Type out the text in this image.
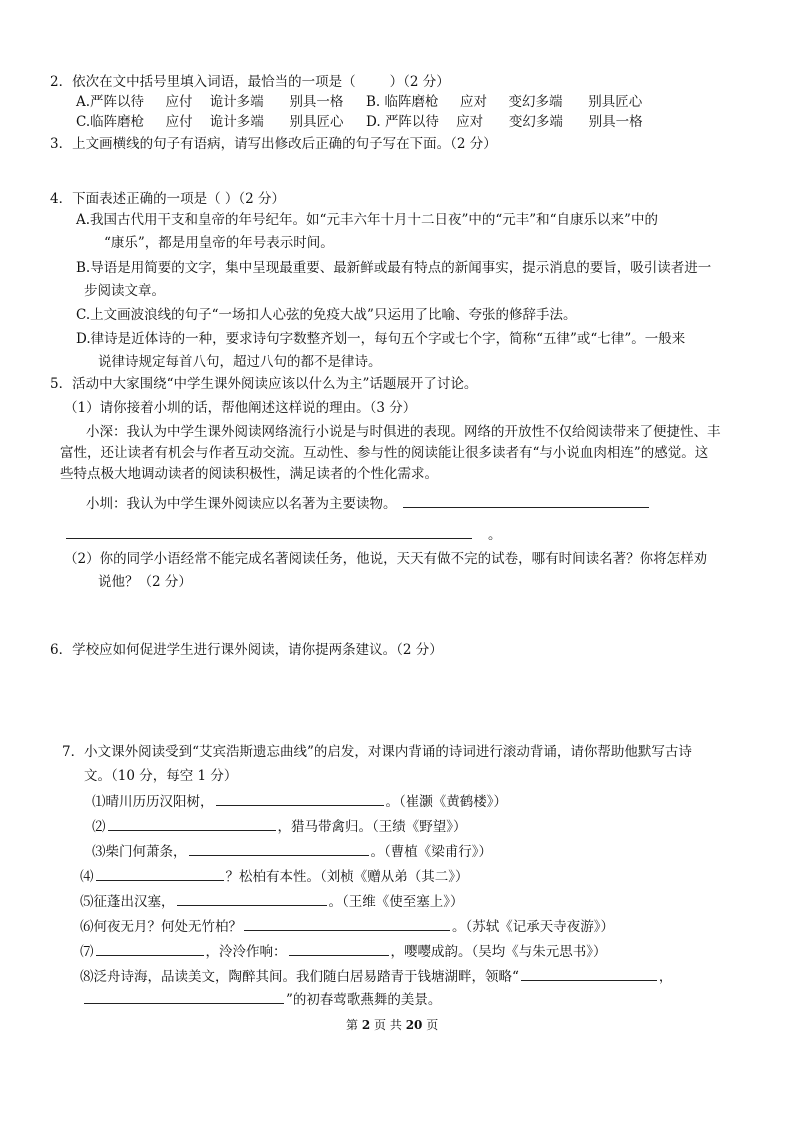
2．依次在文中括号里填入词语，最恰当的一项是（	）（2 分）
A.严阵以待 应付 诡计多端 别具一格 B. 临阵磨枪 应对 变幻多端 别具匠心
C.临阵磨枪 应付 诡计多端 别具匠心 D. 严阵以待 应对 变幻多端 别具一格
3．上文画横线的句子有语病，请写出修改后正确的句子写在下面。（2 分）
4．下面表述正确的一项是（ ）（2 分）
A.我国古代用干支和皇帝的年号纪年。如“元丰六年十月十二日夜”中的“元丰”和“自康乐以来”中的
“康乐”，都是用皇帝的年号表示时间。
B.导语是用简要的文字，集中呈现最重要、最新鲜或最有特点的新闻事实，提示消息的要旨，吸引读者进一
步阅读文章。
C.上文画波浪线的句子“一场扣人心弦的免疫大战”只运用了比喻、夸张的修辞手法。
D.律诗是近体诗的一种，要求诗句字数整齐划一，每句五个字或七个字，简称“五律”或“七律”。一般来
说律诗规定每首八句，超过八句的都不是律诗。
5．活动中大家围绕“中学生课外阅读应该以什么为主”话题展开了讨论。
（1）请你接着小圳的话，帮他阐述这样说的理由。（3 分）
小深：我认为中学生课外阅读网络流行小说是与时俱进的表现。网络的开放性不仅给阅读带来了便捷性、丰
富性，还让读者有机会与作者互动交流。互动性、参与性的阅读能让很多读者有“与小说血肉相连”的感觉。这
些特点极大地调动读者的阅读积极性，满足读者的个性化需求。
小圳：我认为中学生课外阅读应以名著为主要读物。
。
（2）你的同学小语经常不能完成名著阅读任务，他说，天天有做不完的试卷，哪有时间读名著？你将怎样劝
说他？（2 分）
6．学校应如何促进学生进行课外阅读，请你提两条建议。（2 分）
7．小文课外阅读受到“艾宾浩斯遗忘曲线”的启发，对课内背诵的诗词进行滚动背诵，请你帮助他默写古诗
文。（10 分，每空 1 分）
⑴晴川历历汉阳树，	。（崔灏《黄鹤楼》）
⑵	，猎马带禽归。（王绩《野望》）
⑶柴门何萧条，	。（曹植《梁甫行》）
⑷	？松柏有本性。（刘桢《赠从弟（其二》）
⑸征蓬出汉塞，	。（王维《使至塞上》）
⑹何夜无月？何处无竹柏？	。（苏轼《记承天寺夜游》）
⑺	，泠泠作响：	，嘤嘤成韵。（吴均《与朱元思书》）
⑻泛舟诗海，品读美文，陶醉其间。我们随白居易踏青于钱塘湖畔，领略“	，
”的初春莺歌燕舞的美景。
第 2 页 共 20 页
